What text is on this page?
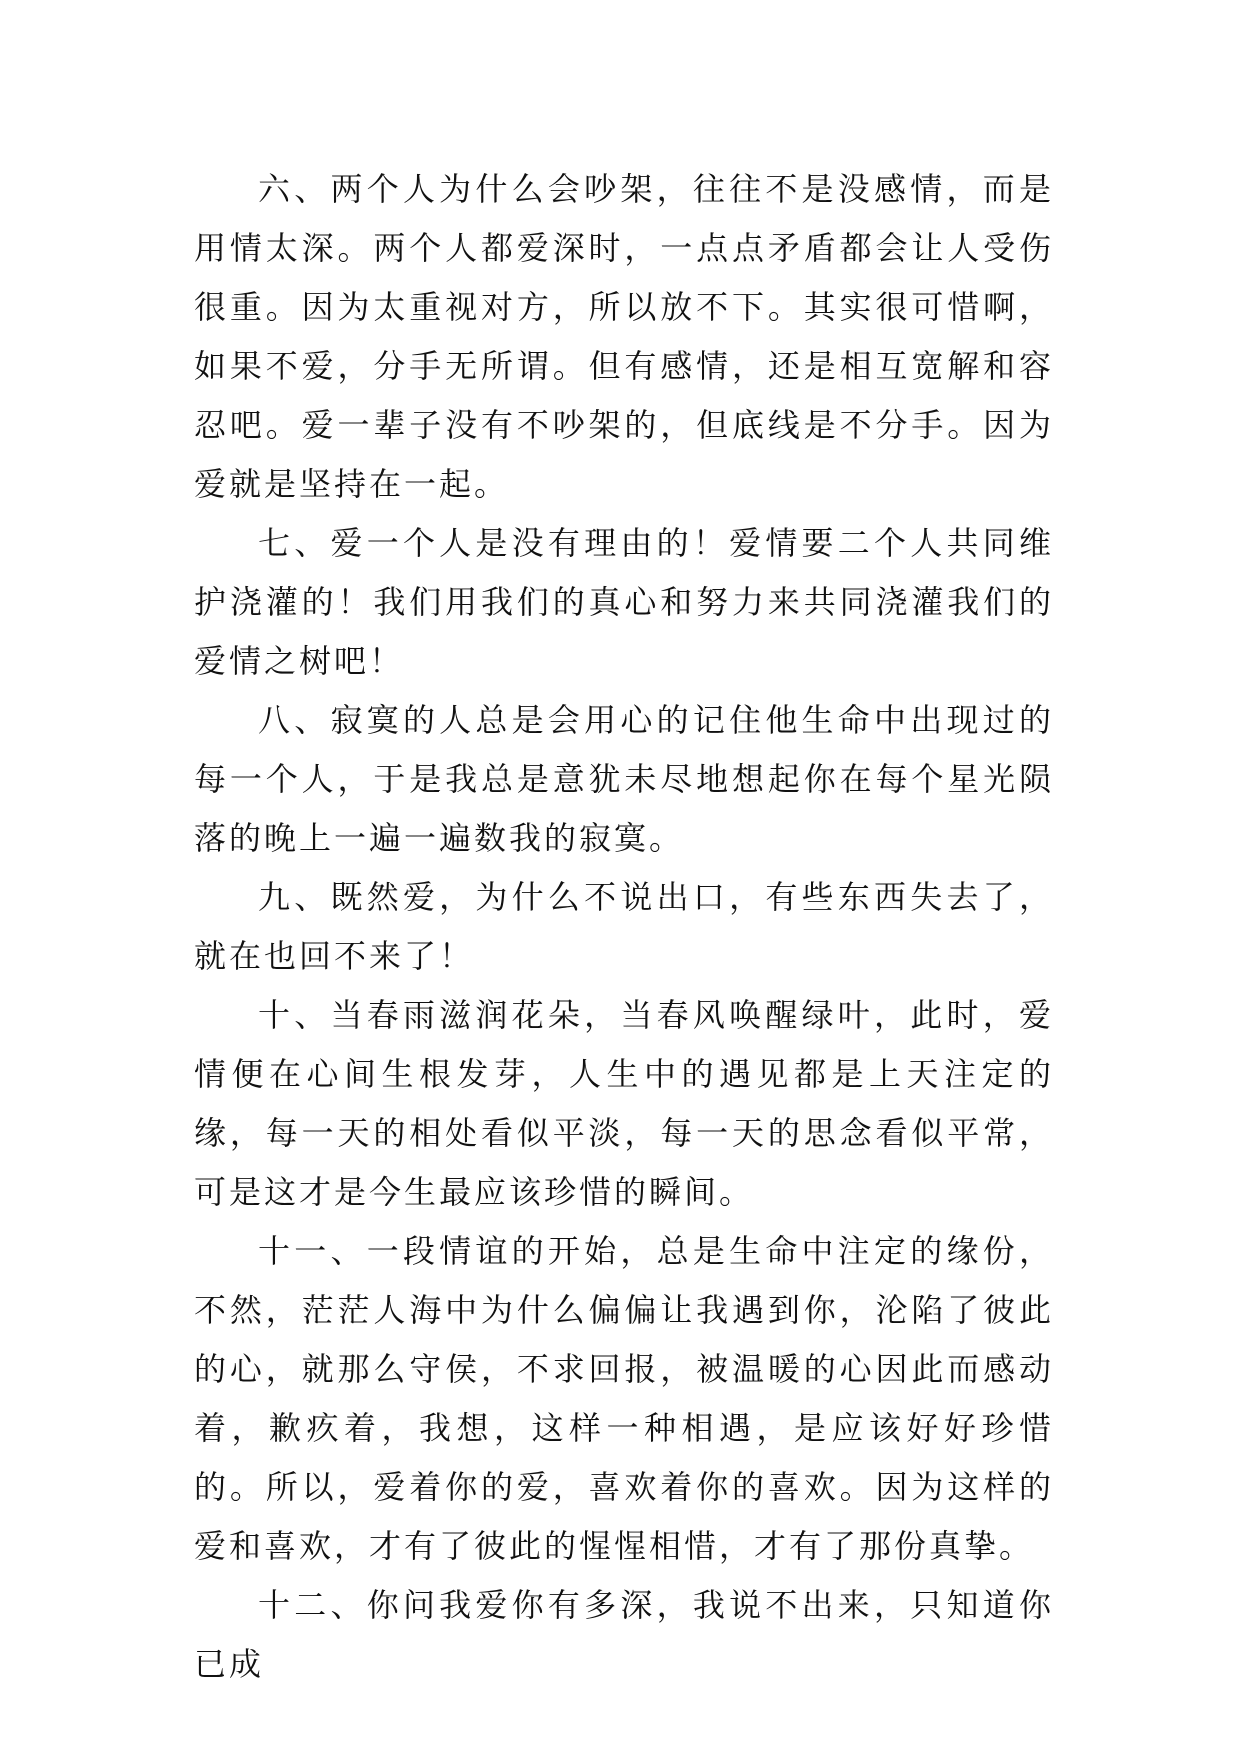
六、两个人为什么会吵架，往往不是没感情，而是用情太深。两个人都爱深时，一点点矛盾都会让人受伤很重。因为太重视对方，所以放不下。其实很可惜啊，如果不爱，分手无所谓。但有感情，还是相互宽解和容忍吧。爱一辈子没有不吵架的，但底线是不分手。因为爱就是坚持在一起。

七、爱一个人是没有理由的！爱情要二个人共同维护浇灌的！我们用我们的真心和努力来共同浇灌我们的爱情之树吧！

八、寂寞的人总是会用心的记住他生命中出现过的每一个人，于是我总是意犹未尽地想起你在每个星光陨落的晚上一遍一遍数我的寂寞。

九、既然爱，为什么不说出口，有些东西失去了，就在也回不来了！

十、当春雨滋润花朵，当春风唤醒绿叶，此时，爱情便在心间生根发芽，人生中的遇见都是上天注定的缘，每一天的相处看似平淡，每一天的思念看似平常，可是这才是今生最应该珍惜的瞬间。

十一、一段情谊的开始，总是生命中注定的缘份，不然，茫茫人海中为什么偏偏让我遇到你，沦陷了彼此的心，就那么守侯，不求回报，被温暖的心因此而感动着，歉疚着，我想，这样一种相遇，是应该好好珍惜的。所以，爱着你的爱，喜欢着你的喜欢。因为这样的爱和喜欢，才有了彼此的惺惺相惜，才有了那份真挚。

十二、你问我爱你有多深，我说不出来，只知道你已成
